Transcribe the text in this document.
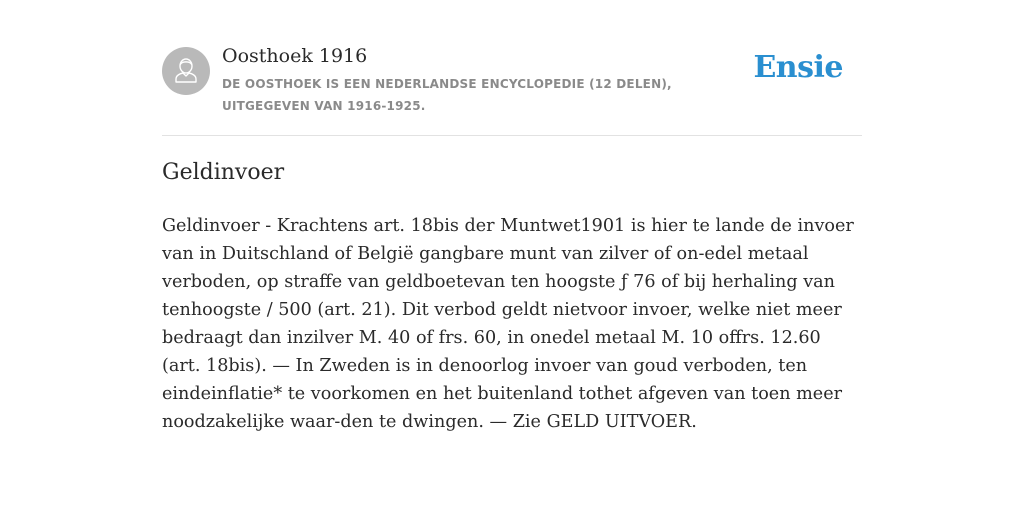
Oosthoek 1916
DE OOSTHOEK IS EEN NEDERLANDSE ENCYCLOPEDIE (12 DELEN), UITGEGEVEN VAN 1916-1925.
Ensie
Geldinvoer

Geldinvoer - Krachtens art. 18bis der Muntwet1901 is hier te lande de invoer van in Duitschland of België gangbare munt van zilver of on-edel metaal verboden, op straffe van geldboetevan ten hoogste ƒ 76 of bij herhaling van tenhoogste / 500 (art. 21). Dit verbod geldt nietvoor invoer, welke niet meer bedraagt dan inzilver M. 40 of frs. 60, in onedel metaal M. 10 offrs. 12.60 (art. 18bis). — In Zweden is in denoorlog invoer van goud verboden, ten eindeinflatie* te voorkomen en het buitenland tothet afgeven van toen meer noodzakelijke waar-den te dwingen. — Zie GELD UITVOER.
